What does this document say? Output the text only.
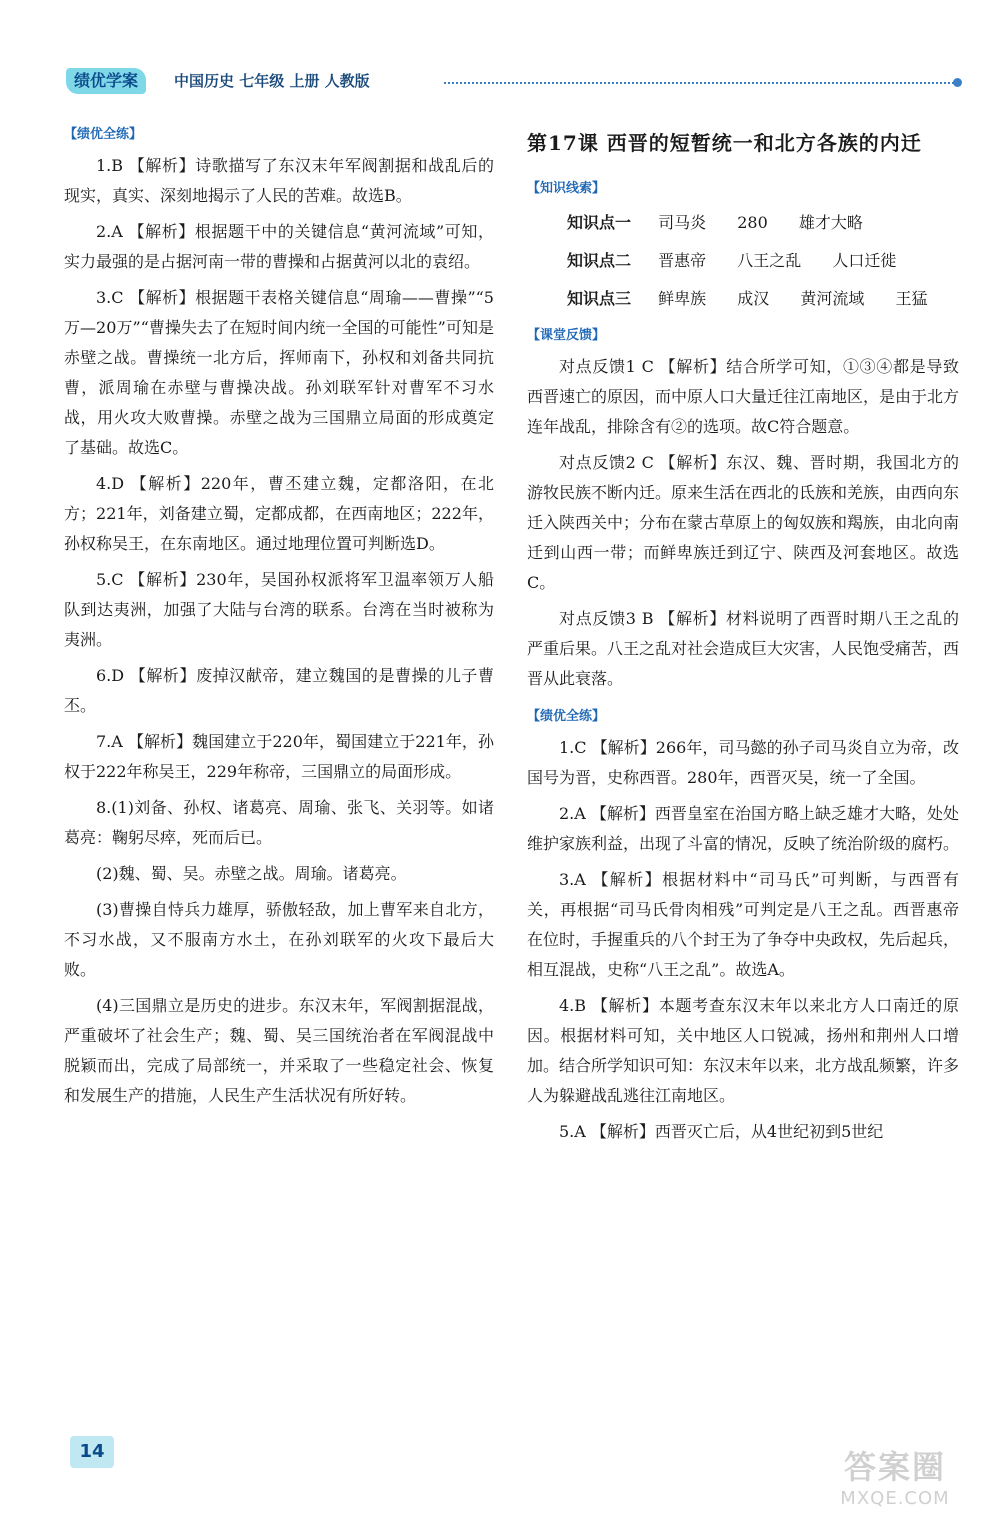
绩优学案	中国历史 七年级 上册 人教版
【绩优全练】

1.B 【解析】诗歌描写了东汉末年军阀割据和战乱后的现实，真实、深刻地揭示了人民的苦难。故选B。

2.A 【解析】根据题干中的关键信息“黄河流域”可知，实力最强的是占据河南一带的曹操和占据黄河以北的袁绍。

3.C 【解析】根据题干表格关键信息“周瑜——曹操”“5万—20万”“曹操失去了在短时间内统一全国的可能性”可知是赤壁之战。曹操统一北方后，挥师南下，孙权和刘备共同抗曹，派周瑜在赤壁与曹操决战。孙刘联军针对曹军不习水战，用火攻大败曹操。赤壁之战为三国鼎立局面的形成奠定了基础。故选C。

4.D 【解析】220年，曹丕建立魏，定都洛阳，在北方；221年，刘备建立蜀，定都成都，在西南地区；222年，孙权称吴王，在东南地区。通过地理位置可判断选D。

5.C 【解析】230年，吴国孙权派将军卫温率领万人船队到达夷洲，加强了大陆与台湾的联系。台湾在当时被称为夷洲。

6.D 【解析】废掉汉献帝，建立魏国的是曹操的儿子曹丕。

7.A 【解析】魏国建立于220年，蜀国建立于221年，孙权于222年称吴王，229年称帝，三国鼎立的局面形成。

8.(1)刘备、孙权、诸葛亮、周瑜、张飞、关羽等。如诸葛亮：鞠躬尽瘁，死而后已。

(2)魏、蜀、吴。赤壁之战。周瑜。诸葛亮。

(3)曹操自恃兵力雄厚，骄傲轻敌，加上曹军来自北方，不习水战，又不服南方水土，在孙刘联军的火攻下最后大败。

(4)三国鼎立是历史的进步。东汉末年，军阀割据混战，严重破坏了社会生产；魏、蜀、吴三国统治者在军阀混战中脱颖而出，完成了局部统一，并采取了一些稳定社会、恢复和发展生产的措施，人民生产生活状况有所好转。

第17课 西晋的短暂统一和北方各族的内迁
【知识线索】
知识点一 司马炎 280 雄才大略
知识点二 晋惠帝 八王之乱 人口迁徙
知识点三 鲜卑族 成汉 黄河流域 王猛
【课堂反馈】

对点反馈1 C 【解析】结合所学可知，①③④都是导致西晋速亡的原因，而中原人口大量迁往江南地区，是由于北方连年战乱，排除含有②的选项。故C符合题意。

对点反馈2 C 【解析】东汉、魏、晋时期，我国北方的游牧民族不断内迁。原来生活在西北的氐族和羌族，由西向东迁入陕西关中；分布在蒙古草原上的匈奴族和羯族，由北向南迁到山西一带；而鲜卑族迁到辽宁、陕西及河套地区。故选C。

对点反馈3 B 【解析】材料说明了西晋时期八王之乱的严重后果。八王之乱对社会造成巨大灾害，人民饱受痛苦，西晋从此衰落。

【绩优全练】

1.C 【解析】266年，司马懿的孙子司马炎自立为帝，改国号为晋，史称西晋。280年，西晋灭吴，统一了全国。

2.A 【解析】西晋皇室在治国方略上缺乏雄才大略，处处维护家族利益，出现了斗富的情况，反映了统治阶级的腐朽。

3.A 【解析】根据材料中“司马氏”可判断，与西晋有关，再根据“司马氏骨肉相残”可判定是八王之乱。西晋惠帝在位时，手握重兵的八个封王为了争夺中央政权，先后起兵，相互混战，史称“八王之乱”。故选A。

4.B 【解析】本题考查东汉末年以来北方人口南迁的原因。根据材料可知，关中地区人口锐减，扬州和荆州人口增加。结合所学知识可知：东汉末年以来，北方战乱频繁，许多人为躲避战乱逃往江南地区。

5.A 【解析】西晋灭亡后，从4世纪初到5世纪

14	答案圈
MXQE.COM
